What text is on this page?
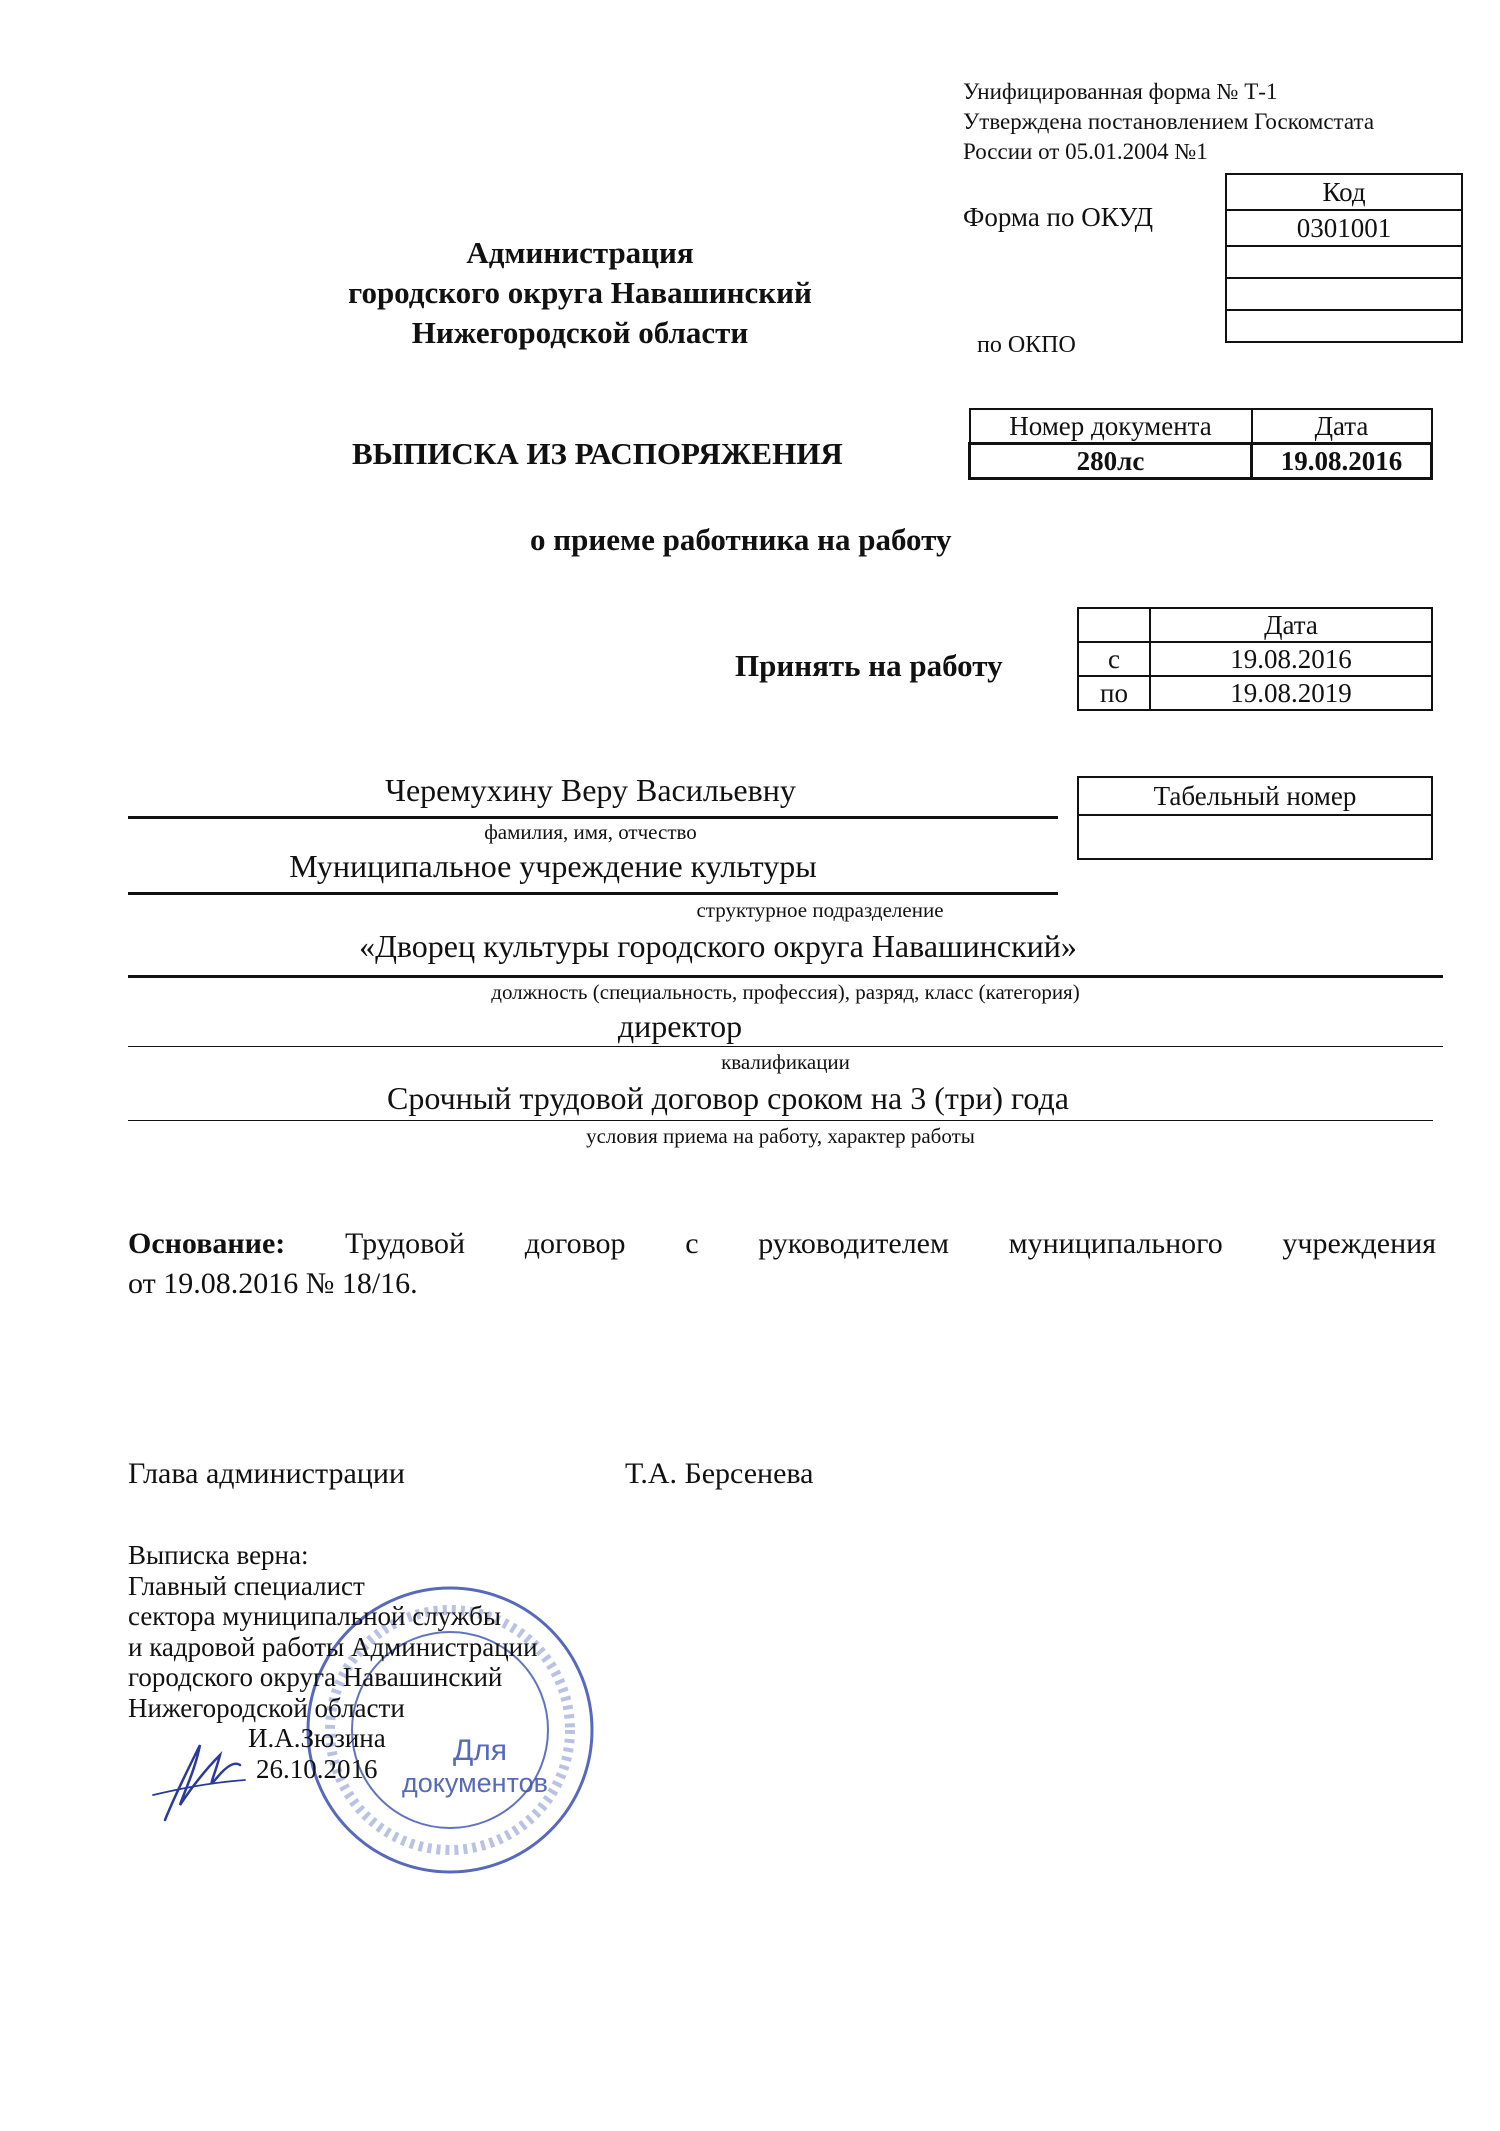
Унифицированная форма № Т-1
Утверждена постановлением Госкомстата
России от 05.01.2004 №1
Код
0301001

Форма по ОКУД
по ОКПО
Администрация
городского округа Навашинский
Нижегородской области
ВЫПИСКА ИЗ РАСПОРЯЖЕНИЯ
Номер документа	Дата
280лс	19.08.2016
о приеме работника на работу
Принять на работу
	Дата
с	19.08.2016
по	19.08.2019
Табельный номер

Черемухину Веру Васильевну
фамилия, имя, отчество
Муниципальное учреждение культуры
структурное подразделение
«Дворец культуры городского округа Навашинский»
должность (специальность, профессия), разряд, класс (категория)
директор
квалификации
Срочный трудовой договор сроком на 3 (три) года
условия приема на работу, характер работы
Основание: Трудовой договор с руководителем муниципального учреждения
от 19.08.2016 № 18/16.
Глава администрации	Т.А. Берсенева
Для
документов
Выписка верна:
Главный специалист
сектора муниципальной службы
и кадровой работы Администрации
городского округа Навашинский
Нижегородской области
И.А.Зюзина
26.10.2016
